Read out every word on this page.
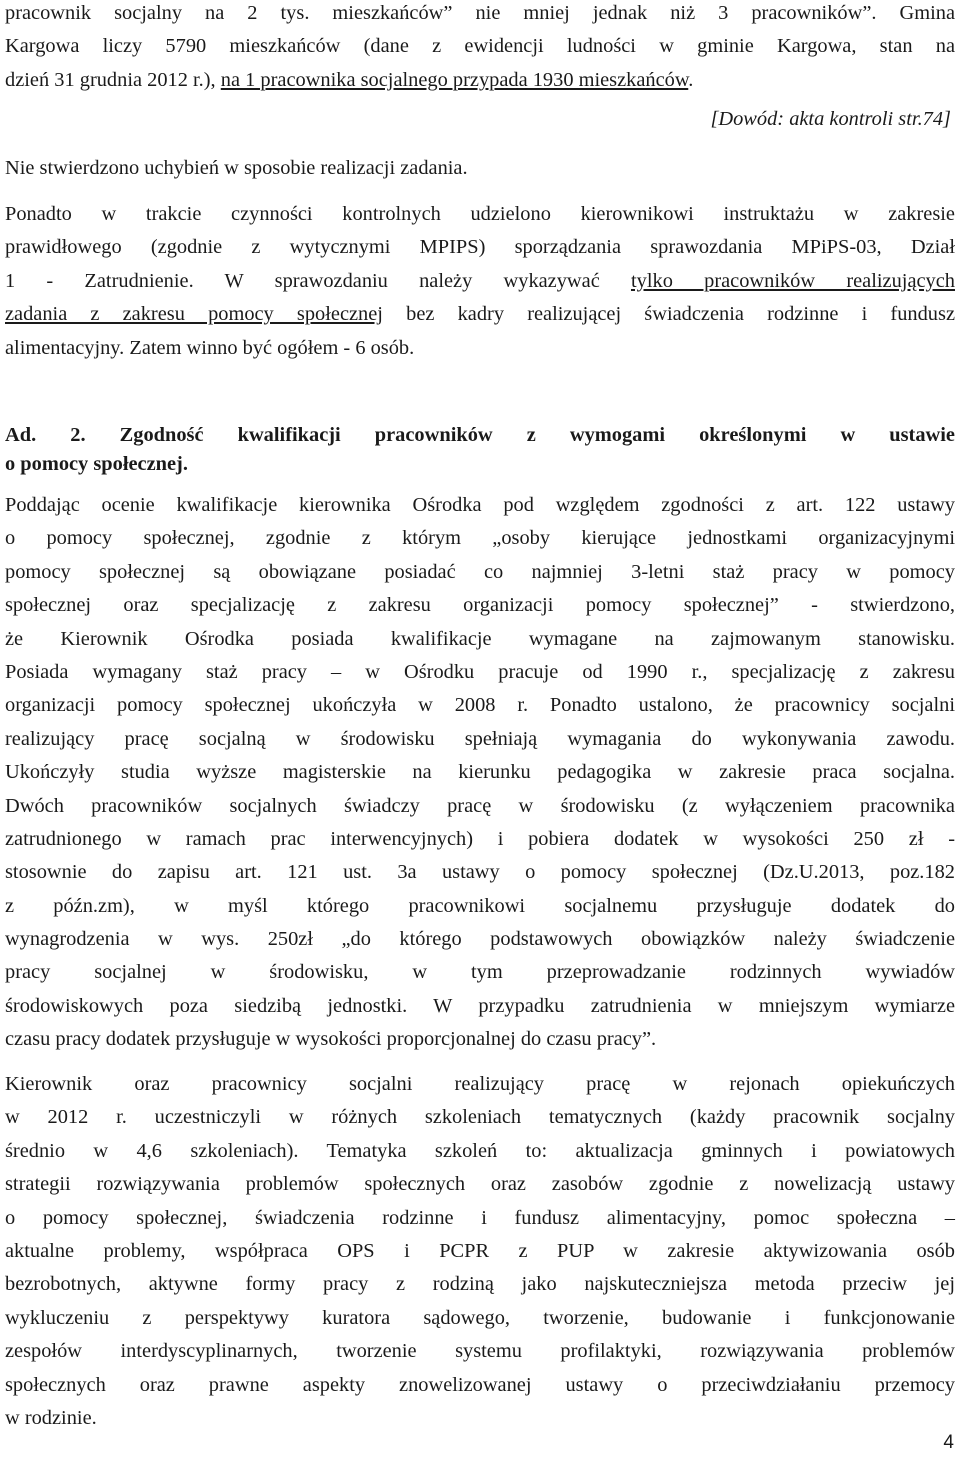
pracownik socjalny na 2 tys. mieszkańców” nie mniej jednak niż 3 pracowników”. Gmina
Kargowa liczy 5790 mieszkańców (dane z ewidencji ludności w gminie Kargowa, stan na
dzień 31 grudnia 2012 r.), na 1 pracownika socjalnego przypada 1930 mieszkańców.
[Dowód: akta kontroli str.74]
Nie stwierdzono uchybień w sposobie realizacji zadania.
Ponadto w trakcie czynności kontrolnych udzielono kierownikowi instruktażu w zakresie
prawidłowego (zgodnie z wytycznymi MPIPS) sporządzania sprawozdania MPiPS-03, Dział
1 - Zatrudnienie. W sprawozdaniu należy wykazywać tylko pracowników realizujących
zadania z zakresu pomocy społecznej bez kadry realizującej świadczenia rodzinne i fundusz
alimentacyjny. Zatem winno być ogółem - 6 osób.
Ad. 2. Zgodność kwalifikacji pracowników z wymogami określonymi w ustawie
o pomocy społecznej.
Poddając ocenie kwalifikacje kierownika Ośrodka pod względem zgodności z art. 122 ustawy
o pomocy społecznej, zgodnie z którym „osoby kierujące jednostkami organizacyjnymi
pomocy społecznej są obowiązane posiadać co najmniej 3-letni staż pracy w pomocy
społecznej oraz specjalizację z zakresu organizacji pomocy społecznej” - stwierdzono,
że Kierownik Ośrodka posiada kwalifikacje wymagane na zajmowanym stanowisku.
Posiada wymagany staż pracy – w Ośrodku pracuje od 1990 r., specjalizację z zakresu
organizacji pomocy społecznej ukończyła w 2008 r. Ponadto ustalono, że pracownicy socjalni
realizujący pracę socjalną w środowisku spełniają wymagania do wykonywania zawodu.
Ukończyły studia wyższe magisterskie na kierunku pedagogika w zakresie praca socjalna.
Dwóch pracowników socjalnych świadczy pracę w środowisku (z wyłączeniem pracownika
zatrudnionego w ramach prac interwencyjnych) i pobiera dodatek w wysokości 250 zł -
stosownie do zapisu art. 121 ust. 3a ustawy o pomocy społecznej (Dz.U.2013, poz.182
z późn.zm), w myśl którego pracownikowi socjalnemu przysługuje dodatek do
wynagrodzenia w wys. 250zł „do którego podstawowych obowiązków należy świadczenie
pracy socjalnej w środowisku, w tym przeprowadzanie rodzinnych wywiadów
środowiskowych poza siedzibą jednostki. W przypadku zatrudnienia w mniejszym wymiarze
czasu pracy dodatek przysługuje w wysokości proporcjonalnej do czasu pracy”.
Kierownik oraz pracownicy socjalni realizujący pracę w rejonach opiekuńczych
w 2012 r. uczestniczyli w różnych szkoleniach tematycznych (każdy pracownik socjalny
średnio w 4,6 szkoleniach). Tematyka szkoleń to: aktualizacja gminnych i powiatowych
strategii rozwiązywania problemów społecznych oraz zasobów zgodnie z nowelizacją ustawy
o pomocy społecznej, świadczenia rodzinne i fundusz alimentacyjny, pomoc społeczna –
aktualne problemy, współpraca OPS i PCPR z PUP w zakresie aktywizowania osób
bezrobotnych, aktywne formy pracy z rodziną jako najskuteczniejsza metoda przeciw jej
wykluczeniu z perspektywy kuratora sądowego, tworzenie, budowanie i funkcjonowanie
zespołów interdyscyplinarnych, tworzenie systemu profilaktyki, rozwiązywania problemów
społecznych oraz prawne aspekty znowelizowanej ustawy o przeciwdziałaniu przemocy
w rodzinie.
4
